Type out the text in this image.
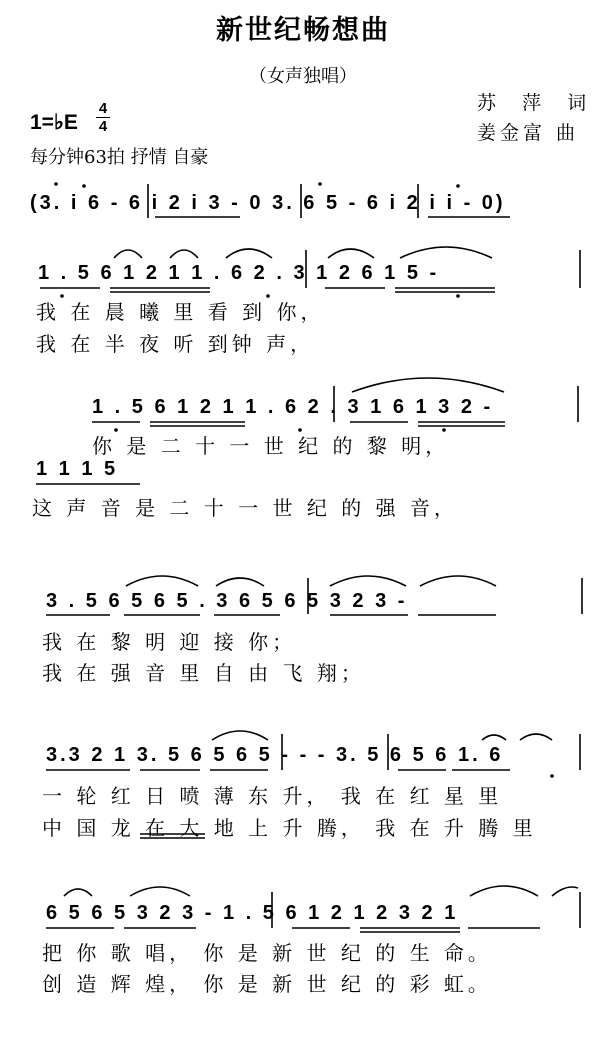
新世纪畅想曲
（女声独唱）
苏 萍 词
姜金富 曲
1=♭E
4
4
每分钟63拍 抒情 自豪
(3. i 6 - 6 i 2 i 3 - 0 3. 6 5 - 6 i 2 i i - 0)
1 . 5 6 1 2 1 1 . 6 2 . 3 1 2 6 1 5 -
我 在 晨 曦 里 看 到 你，
我 在 半 夜 听 到钟 声，
1 . 5 6 1 2 1 1 . 6 2 . 3 1 6 1 3 2 -
你 是 二 十 一 世 纪 的 黎 明，
1 1 1 5
这 声 音 是 二 十 一 世 纪 的 强 音，
3 . 5 6 5 6 5 . 3 6 5 6 5 3 2 3 -
我 在 黎 明 迎 接 你；
我 在 强 音 里 自 由 飞 翔；
3.3 2 1 3. 5 6 5 6 5 - - - 3. 5 6 5 6 1. 6
一 轮 红 日 喷 薄 东 升， 我 在 红 星 里
中 国 龙 在 大 地 上 升 腾， 我 在 升 腾 里
6 5 6 5 3 2 3 - 1 . 5 6 1 2 1 2 3 2 1
把 你 歌 唱， 你 是 新 世 纪 的 生 命。
创 造 辉 煌， 你 是 新 世 纪 的 彩 虹。
